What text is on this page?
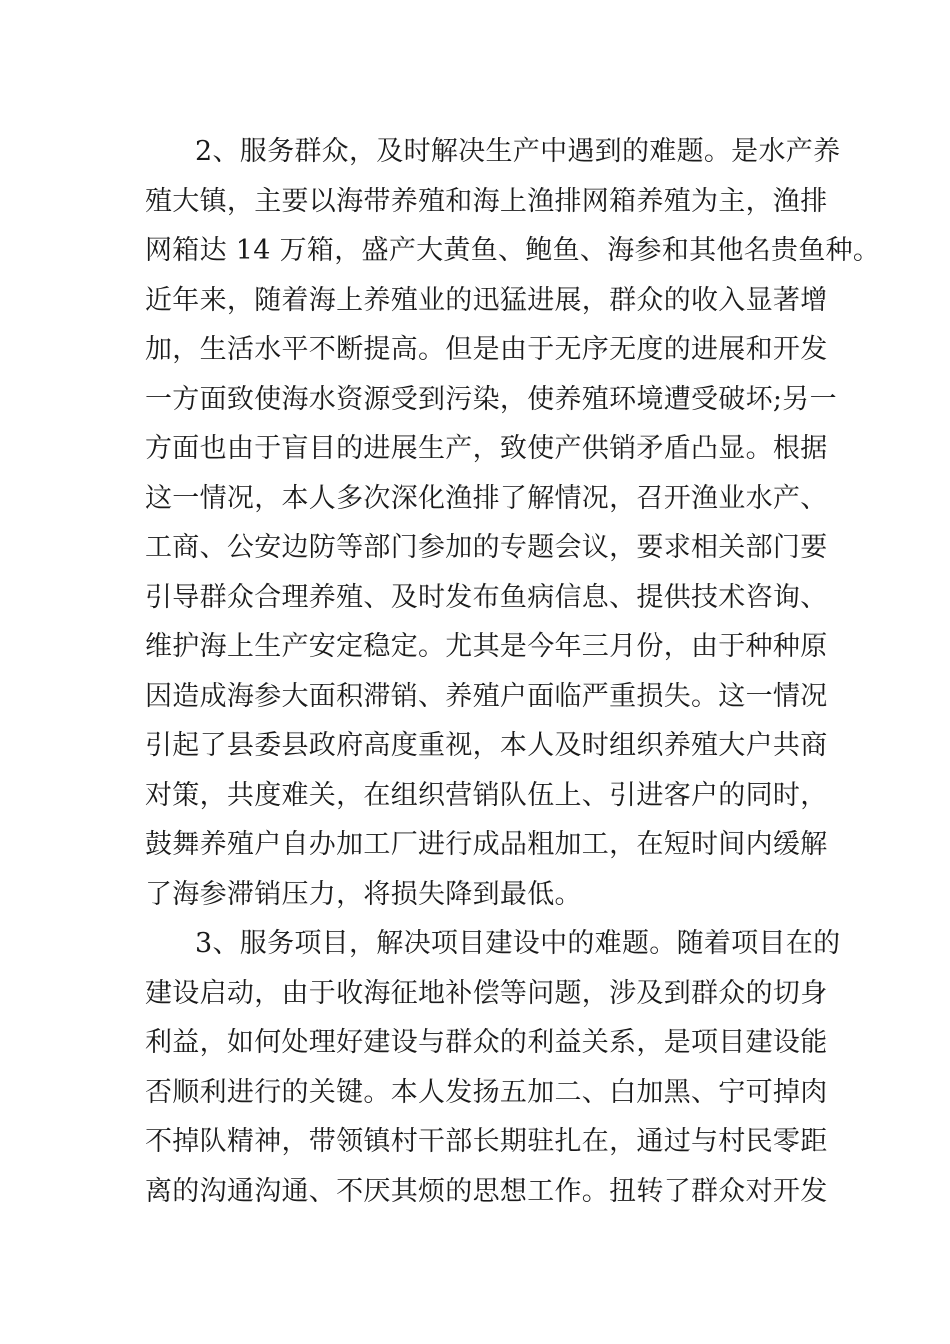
2、服务群众，及时解决生产中遇到的难题。是水产养
殖大镇，主要以海带养殖和海上渔排网箱养殖为主，渔排
网箱达 14 万箱，盛产大黄鱼、鲍鱼、海参和其他名贵鱼种。
近年来，随着海上养殖业的迅猛进展，群众的收入显著增
加，生活水平不断提高。但是由于无序无度的进展和开发
一方面致使海水资源受到污染，使养殖环境遭受破坏;另一
方面也由于盲目的进展生产，致使产供销矛盾凸显。根据
这一情况，本人多次深化渔排了解情况，召开渔业水产、
工商、公安边防等部门参加的专题会议，要求相关部门要
引导群众合理养殖、及时发布鱼病信息、提供技术咨询、
维护海上生产安定稳定。尤其是今年三月份，由于种种原
因造成海参大面积滞销、养殖户面临严重损失。这一情况
引起了县委县政府高度重视，本人及时组织养殖大户共商
对策，共度难关，在组织营销队伍上、引进客户的同时，
鼓舞养殖户自办加工厂进行成品粗加工，在短时间内缓解
了海参滞销压力，将损失降到最低。
3、服务项目，解决项目建设中的难题。随着项目在的
建设启动，由于收海征地补偿等问题，涉及到群众的切身
利益，如何处理好建设与群众的利益关系，是项目建设能
否顺利进行的关键。本人发扬五加二、白加黑、宁可掉肉
不掉队精神，带领镇村干部长期驻扎在，通过与村民零距
离的沟通沟通、不厌其烦的思想工作。扭转了群众对开发
